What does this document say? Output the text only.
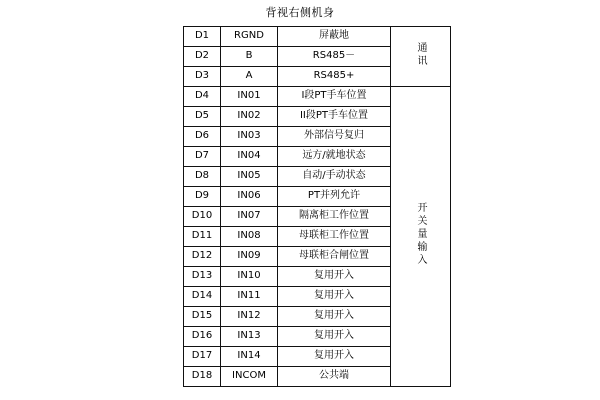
背视右侧机身
D1	RGND	屏蔽地	通讯
D2	B	RS485－	
D3	A	RS485+	
D4	IN01	I段PT手车位置	开关量输入
D5	IN02	II段PT手车位置	
D6	IN03	外部信号复归	
D7	IN04	远方/就地状态	
D8	IN05	自动/手动状态	
D9	IN06	PT并列允许	
D10	IN07	隔离柜工作位置	
D11	IN08	母联柜工作位置	
D12	IN09	母联柜合闸位置	
D13	IN10	复用开入	
D14	IN11	复用开入	
D15	IN12	复用开入	
D16	IN13	复用开入	
D17	IN14	复用开入	
D18	INCOM	公共端	
